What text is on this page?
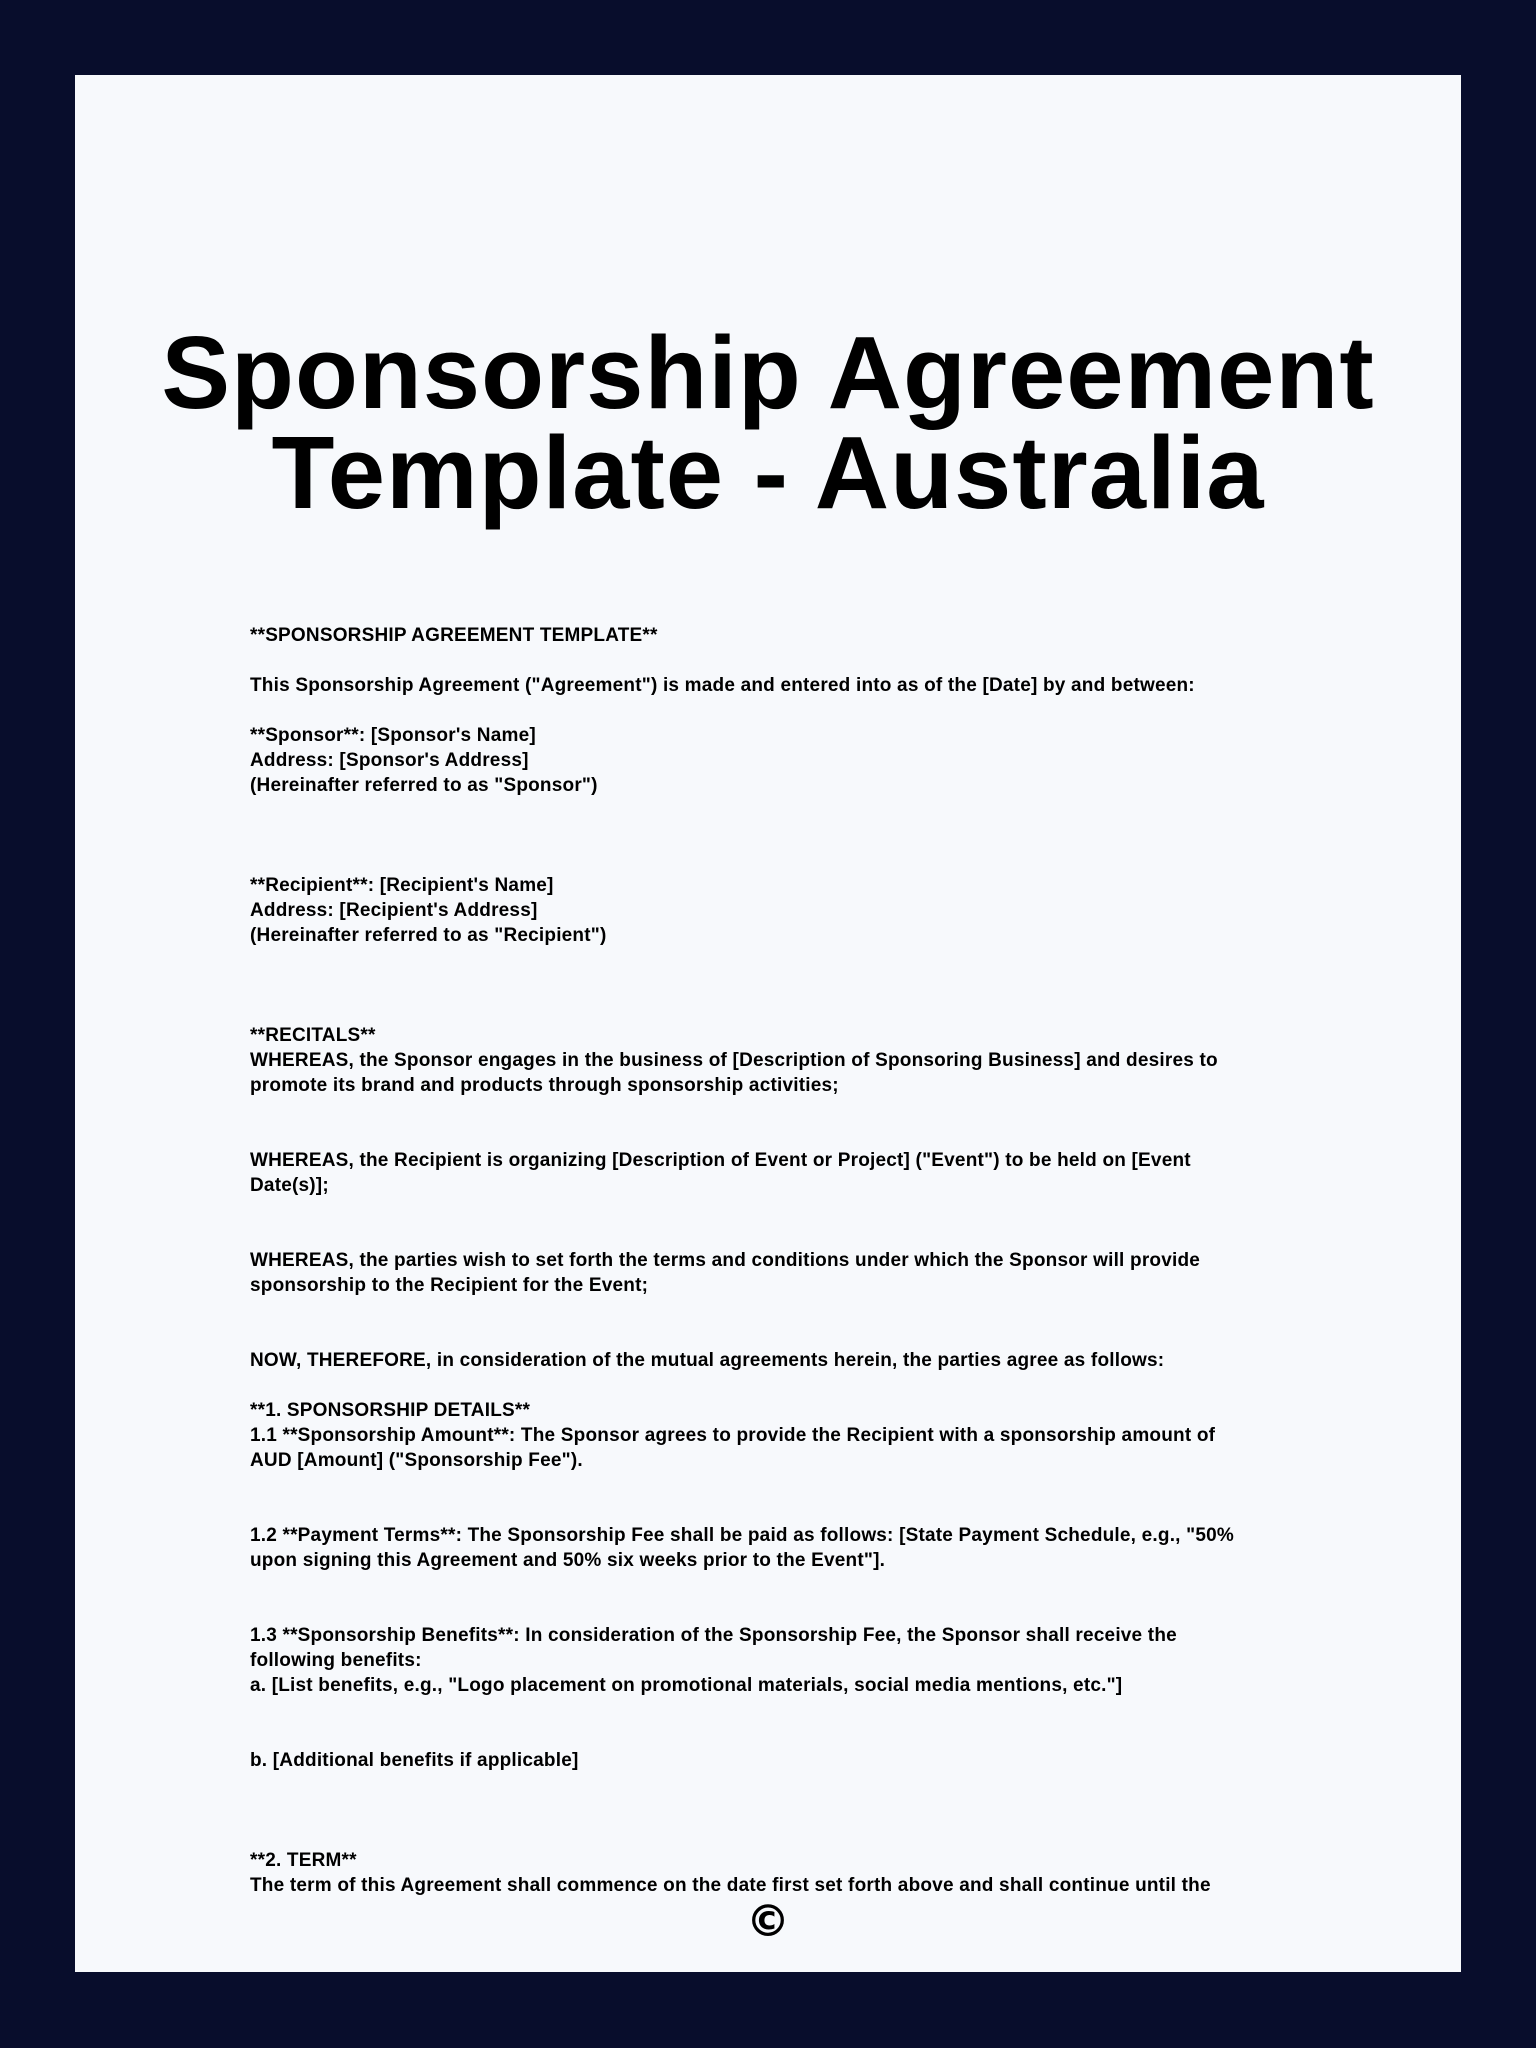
Sponsorship Agreement
Template - Australia
**SPONSORSHIP AGREEMENT TEMPLATE**
This Sponsorship Agreement ("Agreement") is made and entered into as of the [Date] by and between:
**Sponsor**: [Sponsor's Name]
Address: [Sponsor's Address]
(Hereinafter referred to as "Sponsor")
**Recipient**: [Recipient's Name]
Address: [Recipient's Address]
(Hereinafter referred to as "Recipient")
**RECITALS**
WHEREAS, the Sponsor engages in the business of [Description of Sponsoring Business] and desires to
promote its brand and products through sponsorship activities;
WHEREAS, the Recipient is organizing [Description of Event or Project] ("Event") to be held on [Event
Date(s)];
WHEREAS, the parties wish to set forth the terms and conditions under which the Sponsor will provide
sponsorship to the Recipient for the Event;
NOW, THEREFORE, in consideration of the mutual agreements herein, the parties agree as follows:
**1. SPONSORSHIP DETAILS**
1.1 **Sponsorship Amount**: The Sponsor agrees to provide the Recipient with a sponsorship amount of
AUD [Amount] ("Sponsorship Fee").
1.2 **Payment Terms**: The Sponsorship Fee shall be paid as follows: [State Payment Schedule, e.g., "50%
upon signing this Agreement and 50% six weeks prior to the Event"].
1.3 **Sponsorship Benefits**: In consideration of the Sponsorship Fee, the Sponsor shall receive the
following benefits:
a. [List benefits, e.g., "Logo placement on promotional materials, social media mentions, etc."]
b. [Additional benefits if applicable]
**2. TERM**
The term of this Agreement shall commence on the date first set forth above and shall continue until the
©
